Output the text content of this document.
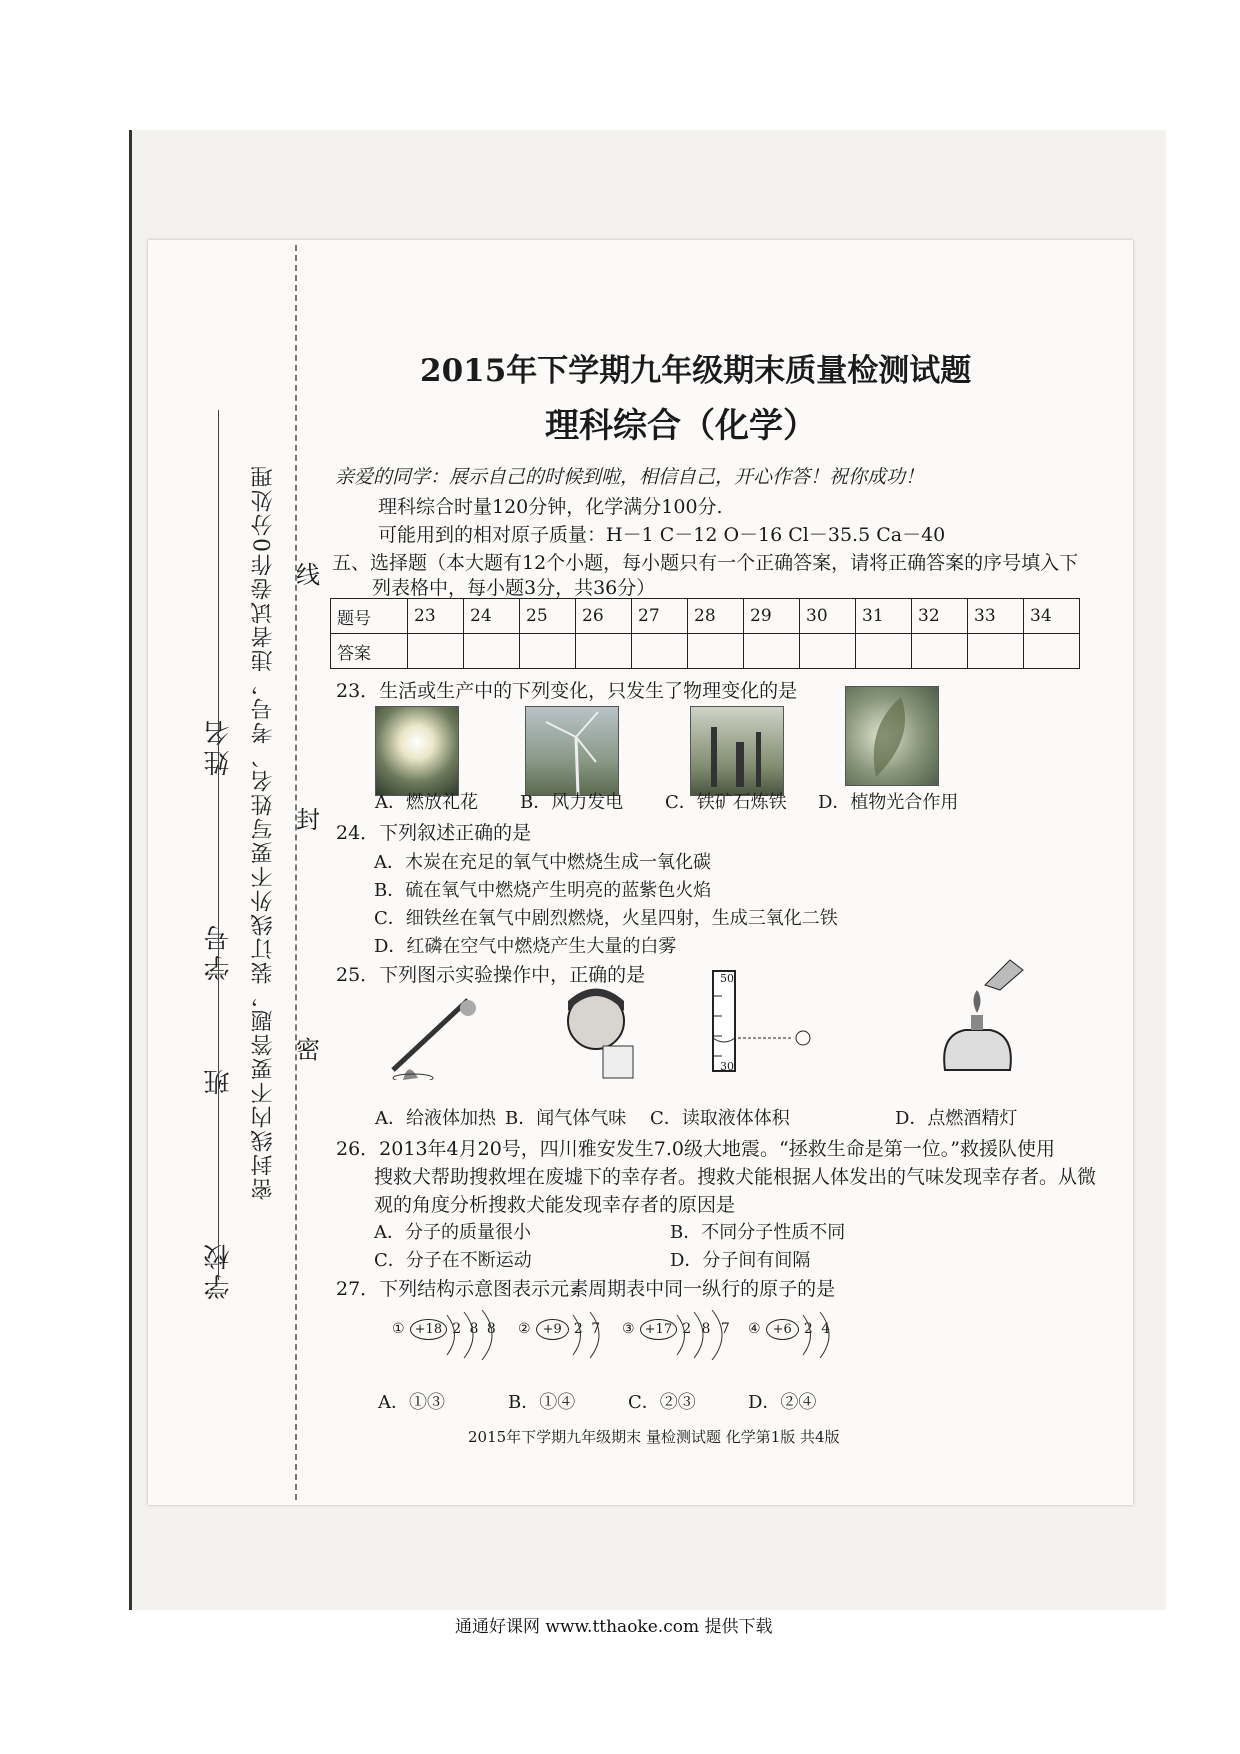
学校  班  学号  姓名 密封线内不要答题，装订线外不要写姓名、考号，违者试卷作0分处理 密
封
线
2015年下学期九年级期末质量检测试题
理科综合（化学）
亲爱的同学：展示自己的时候到啦，相信自己，开心作答！祝你成功！
理科综合时量120分钟，化学满分100分.
可能用到的相对原子质量：H－1 C－12 O－16 Cl－35.5 Ca－40
五、选择题（本大题有12个小题，每小题只有一个正确答案，请将正确答案的序号填入下
列表格中，每小题3分，共36分）
题号	23	24	25	26	27	28	29	30	31	32	33	34
答案												
23．生活或生产中的下列变化，只发生了物理变化的是
A．燃放礼花 B．风力发电 C．铁矿石炼铁 D．植物光合作用
24．下列叙述正确的是
A．木炭在充足的氧气中燃烧生成一氧化碳
B．硫在氧气中燃烧产生明亮的蓝紫色火焰
C．细铁丝在氧气中剧烈燃烧，火星四射，生成三氧化二铁
D．红磷在空气中燃烧产生大量的白雾
25．下列图示实验操作中，正确的是	50
30
A．给液体加热 B．闻气体气味 C．读取液体体积	D．点燃酒精灯
26．2013年4月20号，四川雅安发生7.0级大地震。“拯救生命是第一位。”救援队使用
搜救犬帮助搜救埋在废墟下的幸存者。搜救犬能根据人体发出的气味发现幸存者。从微
观的角度分析搜救犬能发现幸存者的原因是
A．分子的质量很小	B．不同分子性质不同
C．分子在不断运动	D．分子间有间隔
27．下列结构示意图表示元素周期表中同一纵行的原子的是
① +18 2 8 8 ② +9 2 7 ③ +17 2 8 7 ④ +6 2 4
A．①③	B．①④	C．②③	D．②④
2015年下学期九年级期末 量检测试题 化学第1版 共4版
通通好课网 www.tthaoke.com 提供下载
